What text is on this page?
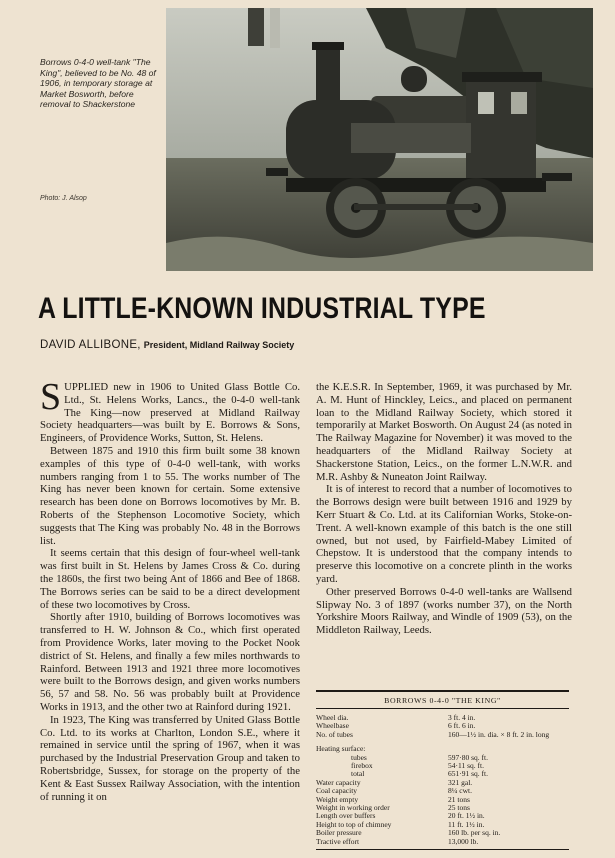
Borrows 0-4-0 well-tank "The King", believed to be No. 48 of 1906, in temporary storage at Market Bosworth, before removal to Shackerstone
Photo: J. Alsop
A LITTLE-KNOWN INDUSTRIAL TYPE
DAVID ALLIBONE, President, Midland Railway Society

SUPPLIED new in 1906 to United Glass Bottle Co. Ltd., St. Helens Works, Lancs., the 0-4-0 well-tank The King—now preserved at Midland Railway Society headquarters—was built by E. Borrows & Sons, Engineers, of Providence Works, Sutton, St. Helens.

Between 1875 and 1910 this firm built some 38 known examples of this type of 0-4-0 well-tank, with works numbers ranging from 1 to 55. The works number of The King has never been known for certain. Some extensive research has been done on Borrows locomotives by Mr. B. Roberts of the Stephenson Locomotive Society, which suggests that The King was probably No. 48 in the Borrows list.

It seems certain that this design of four-wheel well-tank was first built in St. Helens by James Cross & Co. during the 1860s, the first two being Ant of 1866 and Bee of 1868. The Borrows series can be said to be a direct development of these two locomotives by Cross.

Shortly after 1910, building of Borrows locomotives was transferred to H. W. Johnson & Co., which first operated from Providence Works, later moving to the Pocket Nook district of St. Helens, and finally a few miles northwards to Rainford. Between 1913 and 1921 three more locomotives were built to the Borrows design, and given works numbers 56, 57 and 58. No. 56 was probably built at Providence Works in 1913, and the other two at Rainford during 1921.

In 1923, The King was transferred by United Glass Bottle Co. Ltd. to its works at Charlton, London S.E., where it remained in service until the spring of 1967, when it was purchased by the Industrial Preservation Group and taken to Robertsbridge, Sussex, for storage on the property of the Kent & East Sussex Railway Association, with the intention of running it on

the K.E.S.R. In September, 1969, it was purchased by Mr. A. M. Hunt of Hinckley, Leics., and placed on permanent loan to the Midland Railway Society, which stored it temporarily at Market Bosworth. On August 24 (as noted in The Railway Magazine for November) it was moved to the headquarters of the Midland Railway Society at Shackerstone Station, Leics., on the former L.N.W.R. and M.R. Ashby & Nuneaton Joint Railway.

It is of interest to record that a number of locomotives to the Borrows design were built between 1916 and 1929 by Kerr Stuart & Co. Ltd. at its Californian Works, Stoke-on-Trent. A well-known example of this batch is the one still owned, but not used, by Fairfield-Mabey Limited of Chepstow. It is understood that the company intends to preserve this locomotive on a concrete plinth in the works yard.

Other preserved Borrows 0-4-0 well-tanks are Wallsend Slipway No. 3 of 1897 (works number 37), on the North Yorkshire Moors Railway, and Windle of 1909 (53), on the Middleton Railway, Leeds.

BORROWS 0-4-0 "THE KING"
Wheel dia.	3 ft. 4 in.
Wheelbase	6 ft. 6 in.
No. of tubes	160—1½ in. dia. × 8 ft. 2 in. long
Heating surface:
tubes	597·80 sq. ft.
firebox	54·11 sq. ft.
total	651·91 sq. ft.
Water capacity	321 gal.
Coal capacity	8¼ cwt.
Weight empty	21 tons
Weight in working order	25 tons
Length over buffers	20 ft. 1½ in.
Height to top of chimney	11 ft. 1½ in.
Boiler pressure	160 lb. per sq. in.
Tractive effort	13,000 lb.
